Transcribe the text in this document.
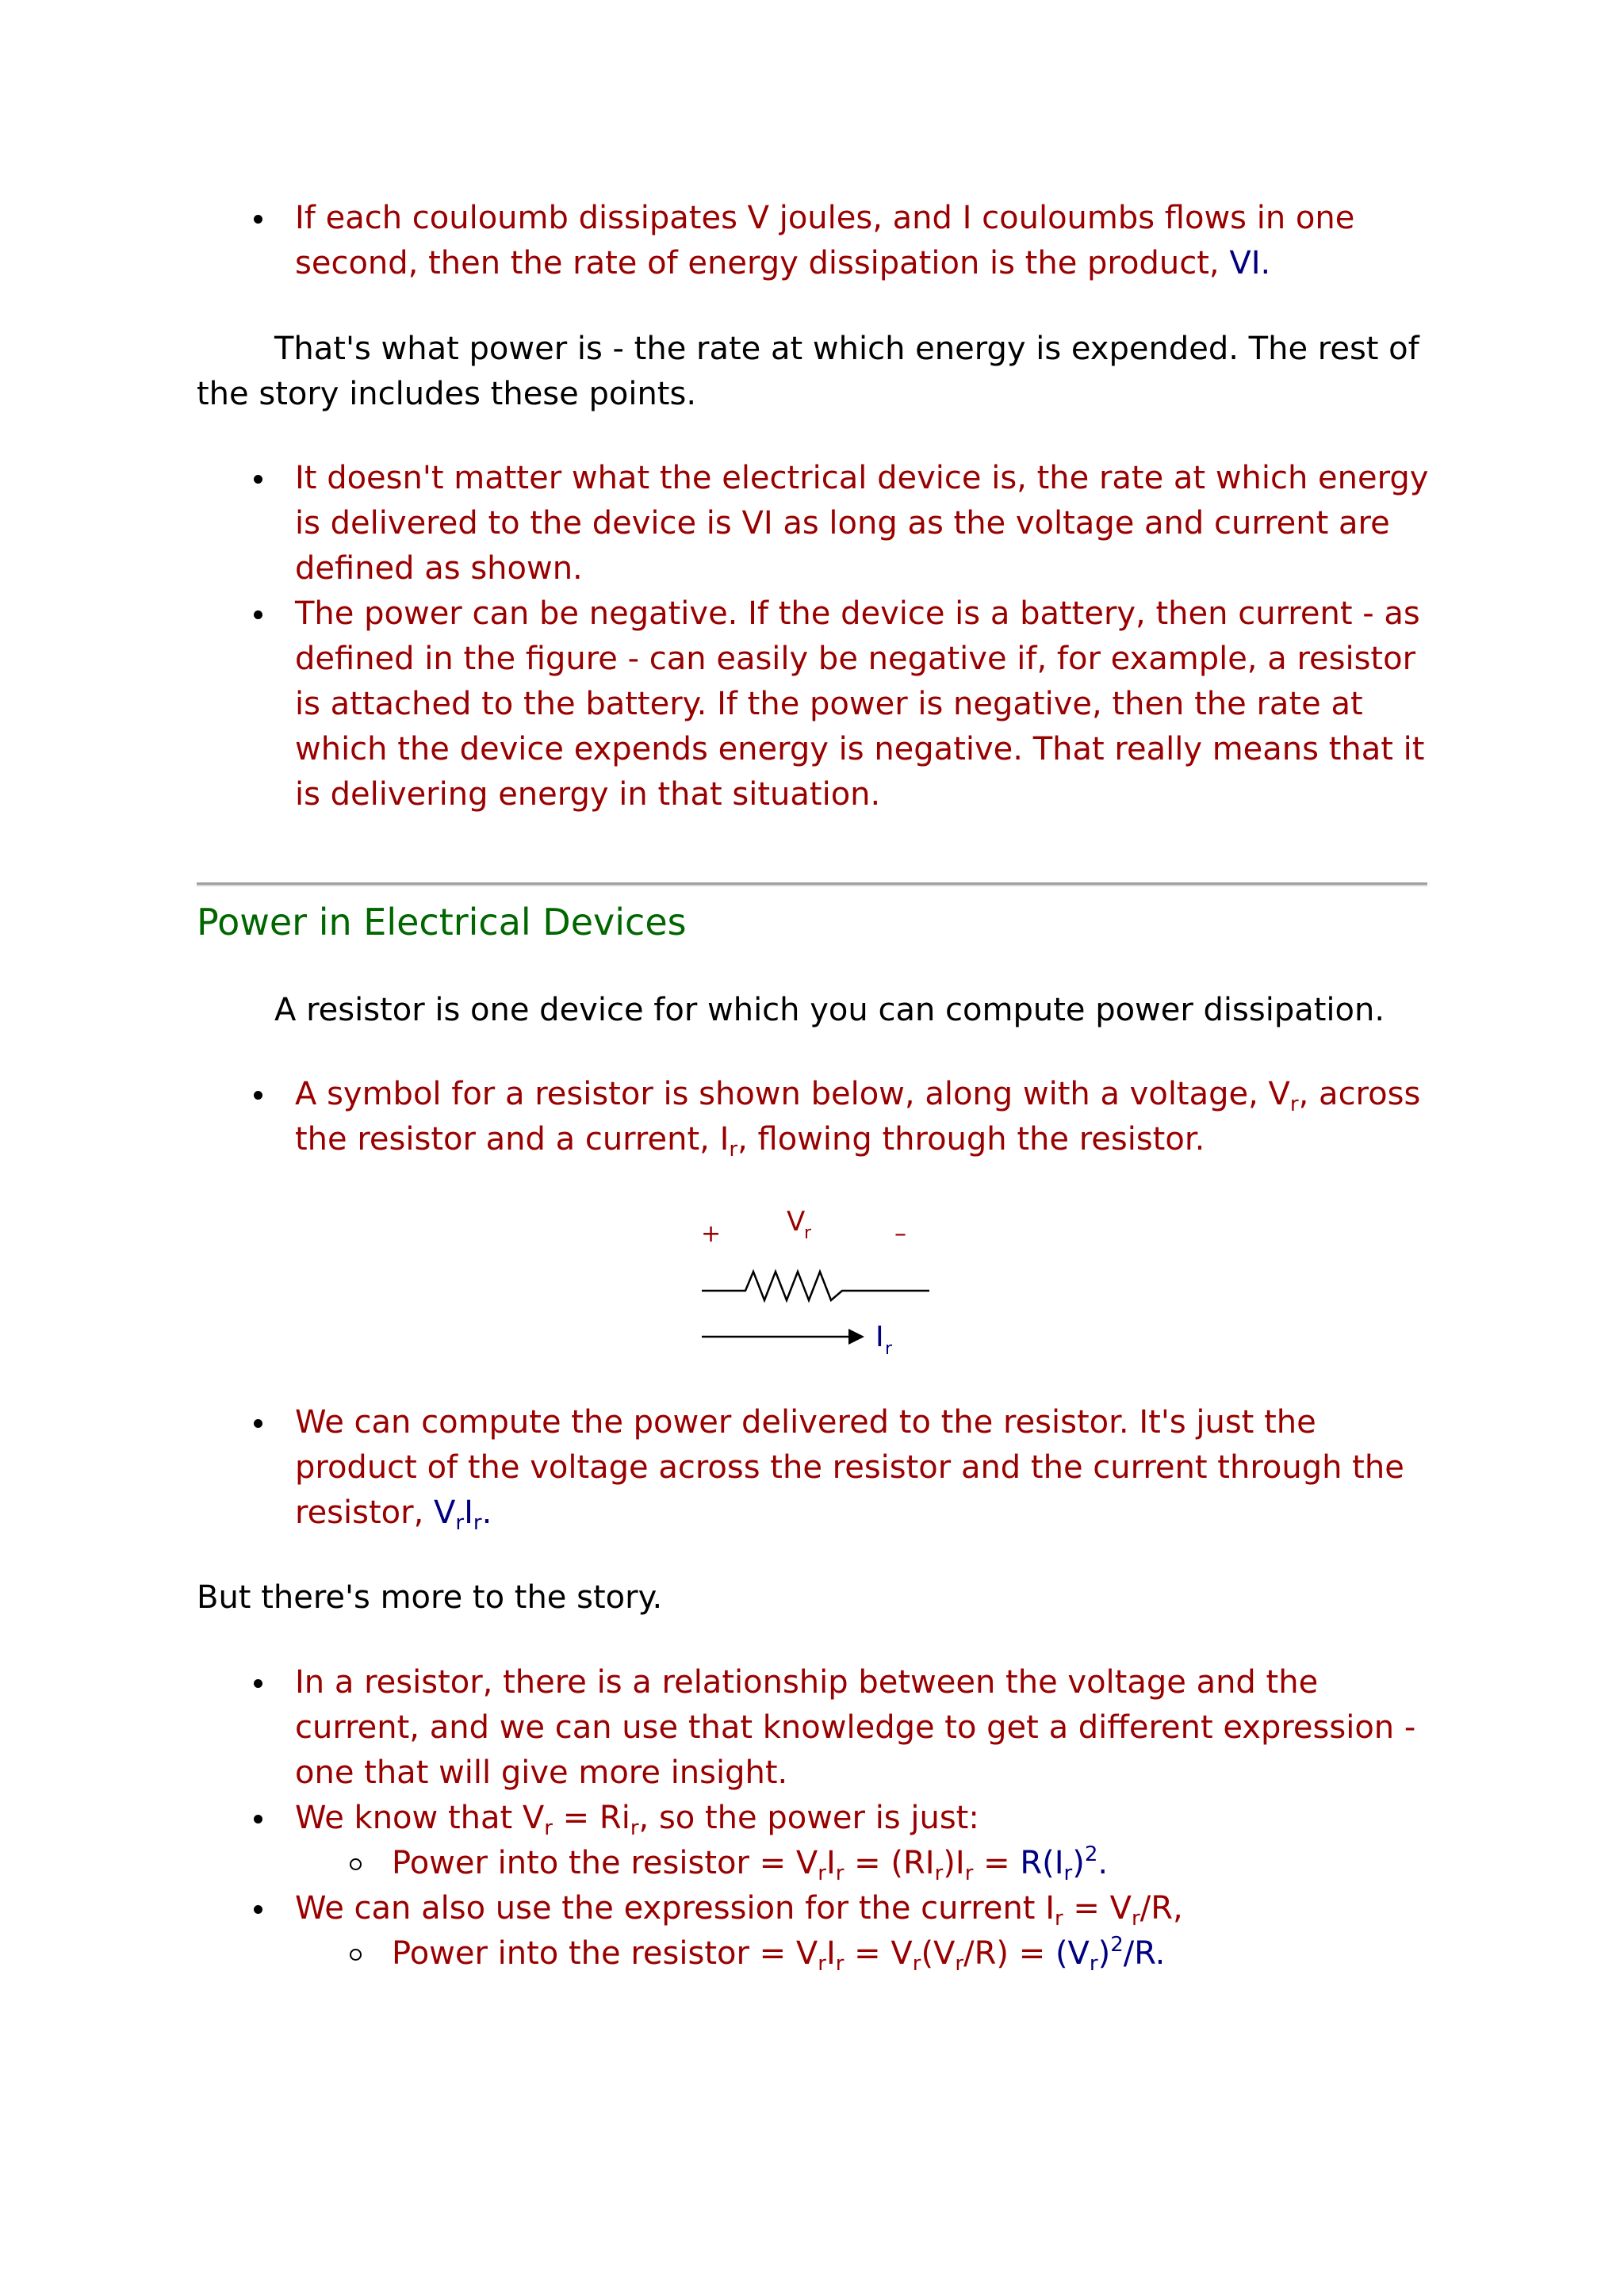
If each couloumb dissipates V joules, and I couloumbs flows in one second, then the rate of energy dissipation is the product, VI.

That's what power is - the rate at which energy is expended. The rest of the story includes these points.

It doesn't matter what the electrical device is, the rate at which energy is delivered to the device is VI as long as the voltage and current are defined as shown.
The power can be negative. If the device is a battery, then current - as defined in the figure - can easily be negative if, for example, a resistor is attached to the battery. If the power is negative, then the rate at which the device expends energy is negative. That really means that it is delivering energy in that situation.
Power in Electrical Devices

A resistor is one device for which you can compute power dissipation.

A symbol for a resistor is shown below, along with a voltage, $V_r$, across the resistor and a current, $I_r$, flowing through the resistor.
+ V
r	–
I r
We can compute the power delivered to the resistor. It's just the product of the voltage across the resistor and the current through the resistor, $V_rI_r$.

But there's more to the story.

In a resistor, there is a relationship between the voltage and the current, and we can use that knowledge to get a different expression - one that will give more insight.
We know that $V_r = Ri_r$, so the power is just:
Power into the resistor = $V_rI_r = (RI_r)I_r = R(I_r)^2$.
We can also use the expression for the current $I_r = V_r/R$,
Power into the resistor = $V_rI_r = V_r(V_r/R) = (V_r)^2/R$.
